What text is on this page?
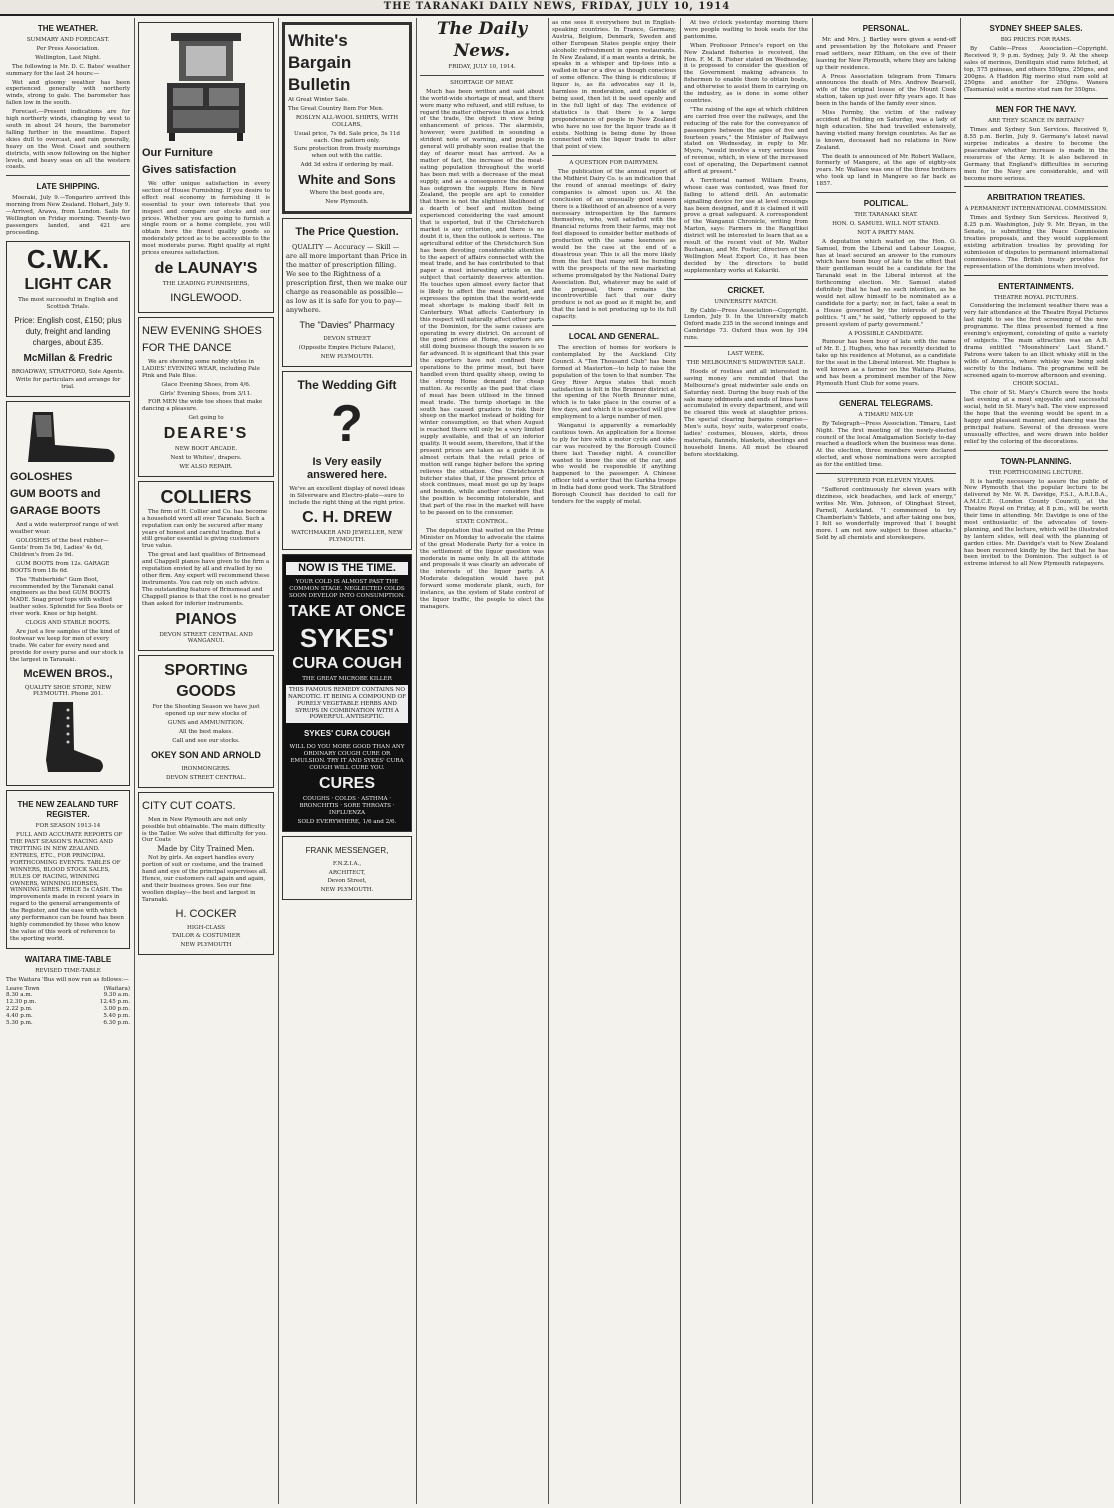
THE TARANAKI DAILY NEWS, FRIDAY, JULY 10, 1914
THE WEATHER.
SUMMARY AND FORECAST.
Per Press Association.
Wellington, Last Night.
The following is Mr. D. C. Bates' weather summary for the last 24 hours:—
Wet and gloomy weather has been experienced generally with northerly winds, strong to gale. The barometer has fallen low in the south.
Forecast.—Present indications are for high northerly winds, changing by west to south in about 24 hours, the barometer falling further in the meantime. Expect skies dull to overcast, and rain generally, heavy on the West Coast and southern districts, with snow following on the higher levels, and heavy seas on all the western coasts.
LATE SHIPPING.
Moeraki, July 9.—Tongariro arrived this morning from New Zealand. Hobart, July 9.—Arrived, Arawa, from London. Sails for Wellington on Friday morning. Twenty-two passengers landed, and 421 are proceeding.
C.W.K.
LIGHT CAR
The most successful in English and Scottish Trials.
Price: English cost, £150; plus duty, freight and landing charges, about £35.
McMillan & Fredric
BROADWAY, STRATFORD, Sole Agents.
Write for particulars and arrange for trial.
GOLOSHES
GUM BOOTS and
GARAGE BOOTS
And a wide waterproof range of wet weather wear.
GOLOSHES of the best rubber— Gents' from 5s 9d, Ladies' 4s 6d, Children's from 2s 9d.
GUM BOOTS from 12s. GARAGE BOOTS from 18s 6d.
The "Rubberhide" Gum Boot, recommended by the Taranaki canal engineers as the best GUM BOOTS MADE. Snag proof tops with welted leather soles. Splendid for Sea Boots or river work. Knee or hip height.
CLOGS AND STABLE BOOTS.
Are just a few samples of the kind of footwear we keep for men of every trade. We cater for every need and provide for every purse and our stock is the largest in Taranaki.
McEWEN BROS.,
QUALITY SHOE STORE, NEW PLYMOUTH. Phone 201.
THE NEW ZEALAND TURF REGISTER.
FOR SEASON 1913-14
FULL AND ACCURATE REPORTS OF THE PAST SEASON'S RACING AND TROTTING IN NEW ZEALAND. ENTRIES, ETC., FOR PRINCIPAL FORTHCOMING EVENTS. TABLES OF WINNERS, BLOOD STOCK SALES, RULES OF RACING, WINNING OWNERS, WINNING HORSES, WINNING SIRES. PRICE 5s CASH. The improvements made in recent years in regard to the general arrangements of the Register, and the ease with which any performance can be found has been highly commended by those who know the value of this work of reference to the sporting world.
WAITARA TIME-TABLE
REVISED TIME-TABLE
The Waitara 'Bus will now run as follows:—
Leave Town	(Waitara)
8.30 a.m.	9.30 a.m.
12.30 p.m.	12.45 p.m.
2.22 p.m.	3.00 p.m.
4.40 p.m.	5.40 p.m.
5.30 p.m.	6.30 p.m.
Our Furniture
Gives satisfaction
We offer unique satisfaction in every section of House Furnishing. If you desire to effect real economy in furnishing it is essential to your own interests that you inspect and compare our stocks and our prices. Whether you are going to furnish a single room or a home complete, you will obtain here the finest quality goods so moderately priced as to be accessible to the most moderate purse. Right quality at right prices ensures satisfaction.
de LAUNAY'S
THE LEADING FURNISHERS,
INGLEWOOD.
NEW EVENING SHOES
FOR THE DANCE
We are showing some nobby styles in LADIES' EVENING WEAR, including Pale Pink and Pale Blue.
Glace Evening Shoes, from 4/6.
Girls' Evening Shoes, from 3/11.
FOR MEN the wide toe shoes that make dancing a pleasure.
Get going to
DEARE'S
NEW BOOT ARCADE.
Next to Whites', drapers.
WE ALSO REPAIR.
COLLIERS
The firm of H. Collier and Co. has become a household word all over Taranaki. Such a reputation can only be secured after many years of honest and careful trading. But a still greater essential is giving customers true value.
The great and last qualities of Brinsmead and Chappell pianos have given to the firm a reputation envied by all and rivalled by no other firm. Any expert will recommend these instruments. You can rely on such advice. The outstanding feature of Brinsmead and Chappell pianos is that the cost is no greater than asked for inferior instruments.
PIANOS
DEVON STREET CENTRAL AND WANGANUI.
SPORTING
GOODS
For the Shooting Season we have just opened up our new stocks of
GUNS and AMMUNITION.
All the best makes.
Call and see our stocks.
OKEY SON AND ARNOLD
IRONMONGERS.
DEVON STREET CENTRAL.
CITY CUT COATS.
Men in New Plymouth are not only possible but obtainable. The main difficulty is the Tailor. We solve that difficulty for you. Our Coats
Made by City Trained Men.
Not by girls. An expert handles every portion of suit or costume, and the trained hand and eye of the principal supervises all. Hence, our customers call again and again, and their business grows. See our fine woollen display—the best and largest in Taranaki.
H. COCKER
HIGH-CLASS
TAILOR & COSTUMIER
NEW PLYMOUTH
White's
Bargain
Bulletin
At Great Winter Sale.
The Great Country Item For Men.
ROSLYN ALL-WOOL SHIRTS, WITH COLLARS,
Usual price, 7s 6d. Sale price, 5s 11d each. One pattern only.
Sure protection from frosty mornings when out with the cattle.
Add 3d extra if ordering by mail.
White and Sons
Where the best goods are,
New Plymouth.
The Price Question.
QUALITY — Accuracy — Skill — are all more important than Price in the matter of prescription filling. We see to the Rightness of a prescription first, then we make our charge as reasonable as possible—as low as it is safe for you to pay—anywhere.
The "Davies" Pharmacy
DEVON STREET
(Opposite Empire Picture Palace),
NEW PLYMOUTH.
The Wedding Gift
?
Is Very easily answered here.
We've an excellent display of novel ideas in Silverware and Electro-plate—sure to include the right thing at the right price.
C. H. DREW
WATCHMAKER AND JEWELLER, NEW PLYMOUTH.
NOW IS THE TIME.
YOUR COLD IS ALMOST PAST THE COMMON STAGE. NEGLECTED COLDS SOON DEVELOP INTO CONSUMPTION.
TAKE AT ONCE
SYKES'
CURA COUGH
THE GREAT MICROBE KILLER
THIS FAMOUS REMEDY CONTAINS NO NARCOTIC. IT BEING A COMPOUND OF PURELY VEGETABLE HERBS AND SYRUPS IN COMBINATION WITH A POWERFUL ANTISEPTIC.
SYKES' CURA COUGH
WILL DO YOU MORE GOOD THAN ANY ORDINARY COUGH CURE OR EMULSION. TRY IT AND SYKES' CURA COUGH WILL CURE YOU.
CURES
COUGHS · COLDS · ASTHMA · BRONCHITIS · SORE THROATS · INFLUENZA
SOLD EVERYWHERE, 1/6 and 2/6.
FRANK MESSENGER,
F.N.Z.I.A.,
ARCHITECT,
Devon Street,
NEW PLYMOUTH.
The Daily News.
FRIDAY, JULY 10, 1914.
SHORTAGE OF MEAT.
Much has been written and said about the world-wide shortage of meat, and there were many who refused, and still refuse, to regard the matter otherwise than as a trick of the trade, the object in view being enhancement of prices. The alarmists, however, were justified in sounding a strident note of warning, and people in general will probably soon realise that the day of dearer meat has arrived. As a matter of fact, the increase of the meat-eating population throughout the world has been met with a decrease of the meat supply, and as a consequence the demand has outgrown the supply. Here in New Zealand, the people are apt to consider that there is not the slightest likelihood of a dearth of beef and mutton being experienced considering the vast amount that is exported, but if the Christchurch market is any criterion, and there is no doubt it is, then the outlook is serious. The agricultural editor of the Christchurch Sun has been devoting considerable attention to the aspect of affairs connected with the meat trade, and he has contributed to that paper a most interesting article on the subject that certainly deserves attention. He touches upon almost every factor that is likely to affect the meat market, and expresses the opinion that the world-wide meat shortage is making itself felt in Canterbury. What affects Canterbury in this respect will naturally affect other parts of the Dominion, for the same causes are operating in every district. On account of the good prices at Home, exporters are still doing business though the season is so far advanced. It is significant that this year the exporters have not confined their operations to the prime meat, but have handled even third quality sheep, owing to the strong Home demand for cheap mutton. As recently as the past that class of meat has been utilised in the tinned meat trade. The turnip shortage in the south has caused graziers to risk their sheep on the market instead of holding for winter consumption, so that when August is reached there will only be a very limited supply available, and that of an inferior quality. It would seem, therefore, that if the present prices are taken as a guide it is almost certain that the retail price of mutton will range higher before the spring relieves the situation. One Christchurch butcher states that, if the present price of stock continues, meat must go up by leaps and bounds, while another considers that the position is becoming intolerable, and that part of the rise in the market will have to be passed on to the consumer.
STATE CONTROL.
The deputation that waited on the Prime Minister on Monday to advocate the claims of the great Moderate Party for a voice in the settlement of the liquor question was moderate in name only. In all its attitude and proposals it was clearly an advocate of the interests of the liquor party. A Moderate delegation would have put forward some moderate plank, such, for instance, as the system of State control of the liquor traffic, the people to elect the managers.
as one sees it everywhere but in English-speaking countries. In France, Germany, Austria, Belgium, Denmark, Sweden and other European States people enjoy their alcoholic refreshment in open restaurants. In New Zealand, if a man wants a drink, he speaks in a whisper and tip-toes into a walled-in bar or a dive as though conscious of some offence. The thing is ridiculous; if liquor is, as its advocates say it is, harmless in moderation, and capable of being used, then let it be used openly and in the full light of day. The evidence of statistics is that there is a large preponderance of people in New Zealand who have no use for the liquor trade as it exists. Nothing is being done by those connected with the liquor trade to alter that point of view.
A QUESTION FOR DAIRYMEN.
The publication of the annual report of the Midhirst Dairy Co. is an indication that the round of annual meetings of dairy companies is almost upon us. At the conclusion of an unusually good season there is a likelihood of an absence of a very necessary introspection by the farmers themselves, who, well satisfied with the financial returns from their farms, may not feel disposed to consider better methods of production with the same keenness as would be the case at the end of a disastrous year. This is all the more likely from the fact that many will be bursting with the prospects of the new marketing scheme promulgated by the National Dairy Association. But, whatever may be said of the proposal, there remains the incontrovertible fact that our dairy produce is not as good as it might be, and that the land is not producing up to its full capacity.
LOCAL AND GENERAL.
The erection of homes for workers is contemplated by the Auckland City Council. A "Ten Thousand Club" has been formed at Masterton—to help to raise the population of the town to that number. The Grey River Argus states that much satisfaction is felt in the Brunner district at the opening of the North Brunner mine, which is to take place in the course of a few days, and which it is expected will give employment to a large number of men.
Wanganui is apparently a remarkably cautious town. An application for a license to ply for hire with a motor cycle and side-car was received by the Borough Council there last Tuesday night. A councillor wanted to know the size of the car, and who would be responsible if anything happened to the passenger. A Chinese officer told a writer that the Gurkha troops in India had done good work. The Stratford Borough Council has decided to call for tenders for the supply of metal.
At two o'clock yesterday morning there were people waiting to book seats for the pantomime.
When Professor Prince's report on the New Zealand fisheries is received, the Hon. F. M. B. Fisher stated on Wednesday, it is proposed to consider the question of the Government making advances to fishermen to enable them to obtain boats, and otherwise to assist them in carrying on the industry, as is done in some other countries.
"The raising of the age at which children are carried free over the railways, and the reducing of the rate for the conveyance of passengers between the ages of five and fourteen years," the Minister of Railways stated on Wednesday, in reply to Mr. Myers, "would involve a very serious loss of revenue, which, in view of the increased cost of operating, the Department cannot afford at present."
A Territorial named William Evans, whose case was contested, was fined for failing to attend drill. An automatic signalling device for use at level crossings has been designed, and it is claimed it will prove a great safeguard. A correspondent of the Wanganui Chronicle, writing from Marton, says: Farmers in the Rangitikei district will be interested to learn that as a result of the recent visit of Mr. Walter Buchanan, and Mr. Foster, directors of the Wellington Meat Export Co., it has been decided by the directors to build supplementary works at Kakariki.
CRICKET.
UNIVERSITY MATCH.
By Cable—Press Association—Copyright. London, July 9. In the University match Oxford made 235 in the second innings and Cambridge 73. Oxford thus won by 194 runs.
LAST WEEK.
THE MELBOURNE'S MIDWINTER SALE.
Hoods of rostless and all interested in saving money are reminded that the Melbourne's great midwinter sale ends on Saturday next. During the busy rush of the sale many oddments and ends of lines have accumulated in every department, and will be cleared this week at slaughter prices. The special clearing bargains comprise—Men's suits, boys' suits, waterproof coats, ladies' costumes, blouses, skirts, dress materials, flannels, blankets, sheetings and household linens. All must be cleared before stocktaking.
PERSONAL.
Mr. and Mrs. J. Bartley were given a send-off and presentation by the Rotokare and Fraser road settlers, near Eltham, on the eve of their leaving for New Plymouth, where they are taking up their residence.
A Press Association telegram from Timaru announces the death of Mrs. Andrew Bearsell, wife of the original lessee of the Mount Cook station, taken up just over fifty years ago. It has been in the hands of the family ever since.
Miss Formby, the victim of the railway accident at Feilding on Saturday, was a lady of high education. She had travelled extensively, having visited many foreign countries. As far as is known, deceased had no relations in New Zealand.
The death is announced of Mr. Robert Wallace, formerly of Mangere, at the age of eighty-six years. Mr. Wallace was one of the three brothers who took up land in Mangere so far back as 1857.
POLITICAL.
THE TARANAKI SEAT.
HON. O. SAMUEL WILL NOT STAND.
NOT A PARTY MAN.
A deputation which waited on the Hon. O. Samuel, from the Liberal and Labour League, has at least secured an answer to the rumours which have been busy of late to the effect that their gentleman would be a candidate for the Taranaki seat in the Liberal interest at the forthcoming election. Mr. Samuel stated definitely that he had no such intention, as he would not allow himself to be nominated as a candidate for a party; nor, in fact, take a seat in a House governed by the interests of party politics. "I am," he said, "utterly opposed to the present system of party government."
A POSSIBLE CANDIDATE.
Rumour has been busy of late with the name of Mr. E. J. Hughes, who has recently decided to take up his residence at Motunui, as a candidate for the seat in the Liberal interest. Mr. Hughes is well known as a farmer on the Waitara Plains, and has been a prominent member of the New Plymouth Hunt Club for some years.
GENERAL TELEGRAMS.
A TIMARU MIX-UP.
By Telegraph—Press Association. Timaru, Last Night. The first meeting of the newly-elected council of the local Amalgamation Society to-day reached a deadlock when the business was done. At the election, three members were declared elected, and whose nominations were accepted as for the entitled time.
SUFFERED FOR ELEVEN YEARS.
"Suffered continuously for eleven years with dizziness, sick headaches, and lack of energy," writes Mr. Wm. Johnson, of Olinghast Street, Parnell, Auckland. "I commenced to try Chamberlain's Tablets, and after taking one box, I felt so wonderfully improved that I bought more. I am not now subject to those attacks." Sold by all chemists and storekeepers.
SYDNEY SHEEP SALES.
BIG PRICES FOR RAMS.
By Cable—Press Association—Copyright. Received 9, 9 p.m. Sydney, July 9. At the sheep sales of merinos, Deniliquin stud rams fetched, at top, 575 guineas, and others 550gns, 250gns, and 200gns. A Haddon Rig merino stud ram sold at 250gns and another for 250gns. Wanera (Tasmania) sold a merino stud ram for 350gns.
MEN FOR THE NAVY.
ARE THEY SCARCE IN BRITAIN?
Times and Sydney Sun Services. Received 9, 8.55 p.m. Berlin, July 9. Germany's latest naval surprise indicates a desire to become the peacemaker whether increase is made in the resources of the Army. It is also believed in Germany that England's difficulties in securing men for the Navy are considerable, and will become more serious.
ARBITRATION TREATIES.
A PERMANENT INTERNATIONAL COMMISSION.
Times and Sydney Sun Services. Received 9, 8.25 p.m. Washington, July 9. Mr. Bryan, in the Senate, is submitting the Peace Commission treaties proposals, and they would supplement existing arbitration treaties by providing for submission of disputes to permanent international commissions. The British treaty provides for representation of the dominions when involved.
ENTERTAINMENTS.
THEATRE ROYAL PICTURES.
Considering the inclement weather there was a very fair attendance at the Theatre Royal Pictures last night to see the first screening of the new programme. The films presented formed a fine evening's enjoyment, consisting of quite a variety of subjects. The main attraction was an A.B. drama entitled "Moonshiners' Last Stand." Patrons were taken to an illicit whisky still in the wilds of America, where whisky was being sold secretly to the Indians. The programme will be screened again to-morrow afternoon and evening.
CHOIR SOCIAL.
The choir of St. Mary's Church were the hosts last evening at a most enjoyable and successful social, held in St. Mary's hall. The view expressed the hope that the evening would be spent in a happy and pleasant manner, and dancing was the principal feature. Several of the dresses were unusually effective, and were drawn into bolder relief by the coloring of the decorations.
TOWN-PLANNING.
THE FORTHCOMING LECTURE.
It is hardly necessary to assure the public of New Plymouth that the popular lecture to be delivered by Mr. W. R. Davidge, F.S.I., A.R.I.B.A., A.M.I.C.E. (London County Council), at the Theatre Royal on Friday, at 8 p.m., will be worth their time in attending. Mr. Davidge is one of the most enthusiastic of the advocates of town-planning, and the lecture, which will be illustrated by lantern slides, will deal with the planning of garden cities. Mr. Davidge's visit to New Zealand has been received kindly by the fact that he has been invited to the Dominion. The subject is of extreme interest to all New Plymouth ratepayers.
